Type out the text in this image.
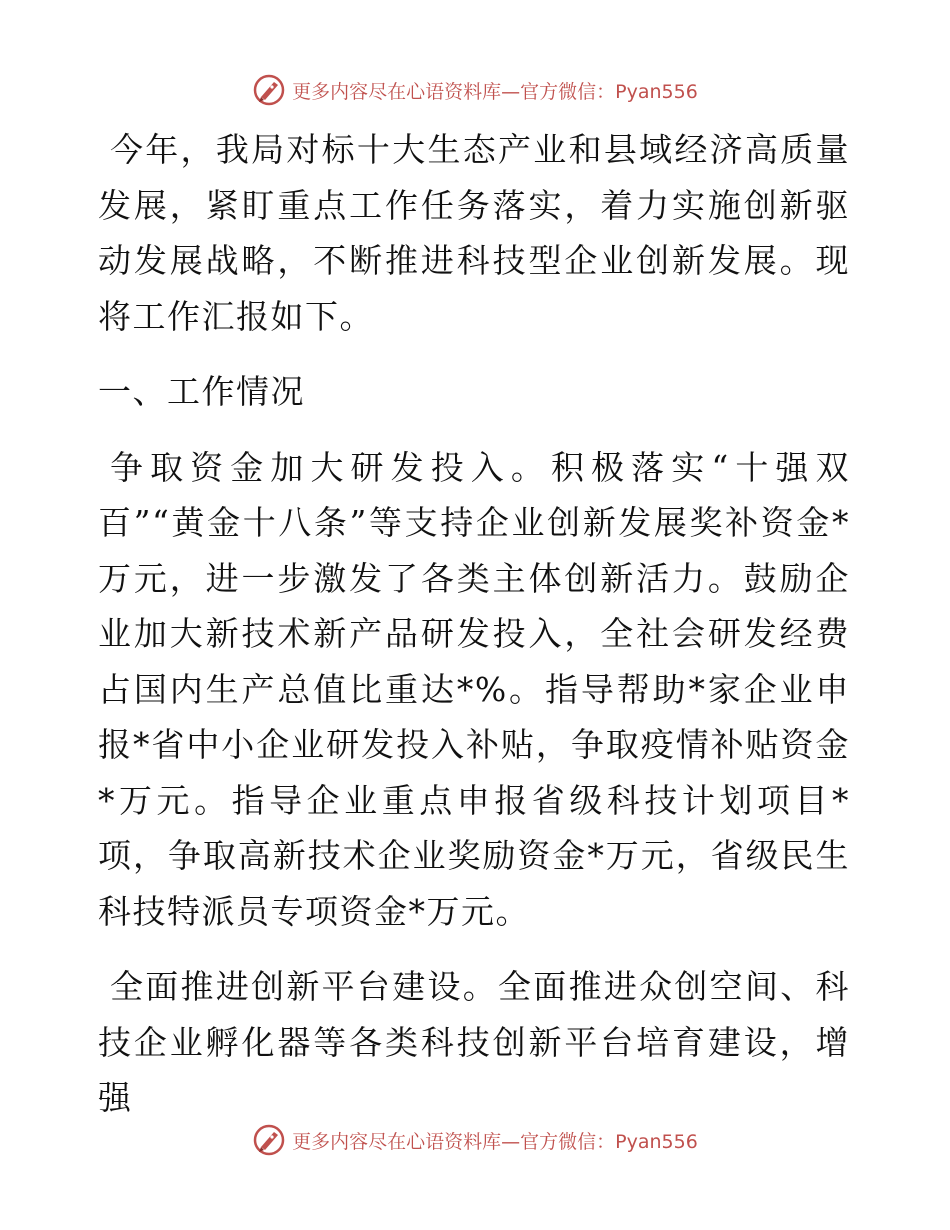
更多内容尽在心语资料库—官方微信：Pyan556

今年，我局对标十大生态产业和县域经济高质量发展，紧盯重点工作任务落实，着力实施创新驱动发展战略，不断推进科技型企业创新发展。现将工作汇报如下。

一、工作情况

争取资金加大研发投入。积极落实“十强双百”“黄金十八条”等支持企业创新发展奖补资金*万元，进一步激发了各类主体创新活力。鼓励企业加大新技术新产品研发投入，全社会研发经费占国内生产总值比重达*%。指导帮助*家企业申报*省中小企业研发投入补贴，争取疫情补贴资金*万元。指导企业重点申报省级科技计划项目*项，争取高新技术企业奖励资金*万元，省级民生科技特派员专项资金*万元。

全面推进创新平台建设。全面推进众创空间、科技企业孵化器等各类科技创新平台培育建设，增强

更多内容尽在心语资料库—官方微信：Pyan556
